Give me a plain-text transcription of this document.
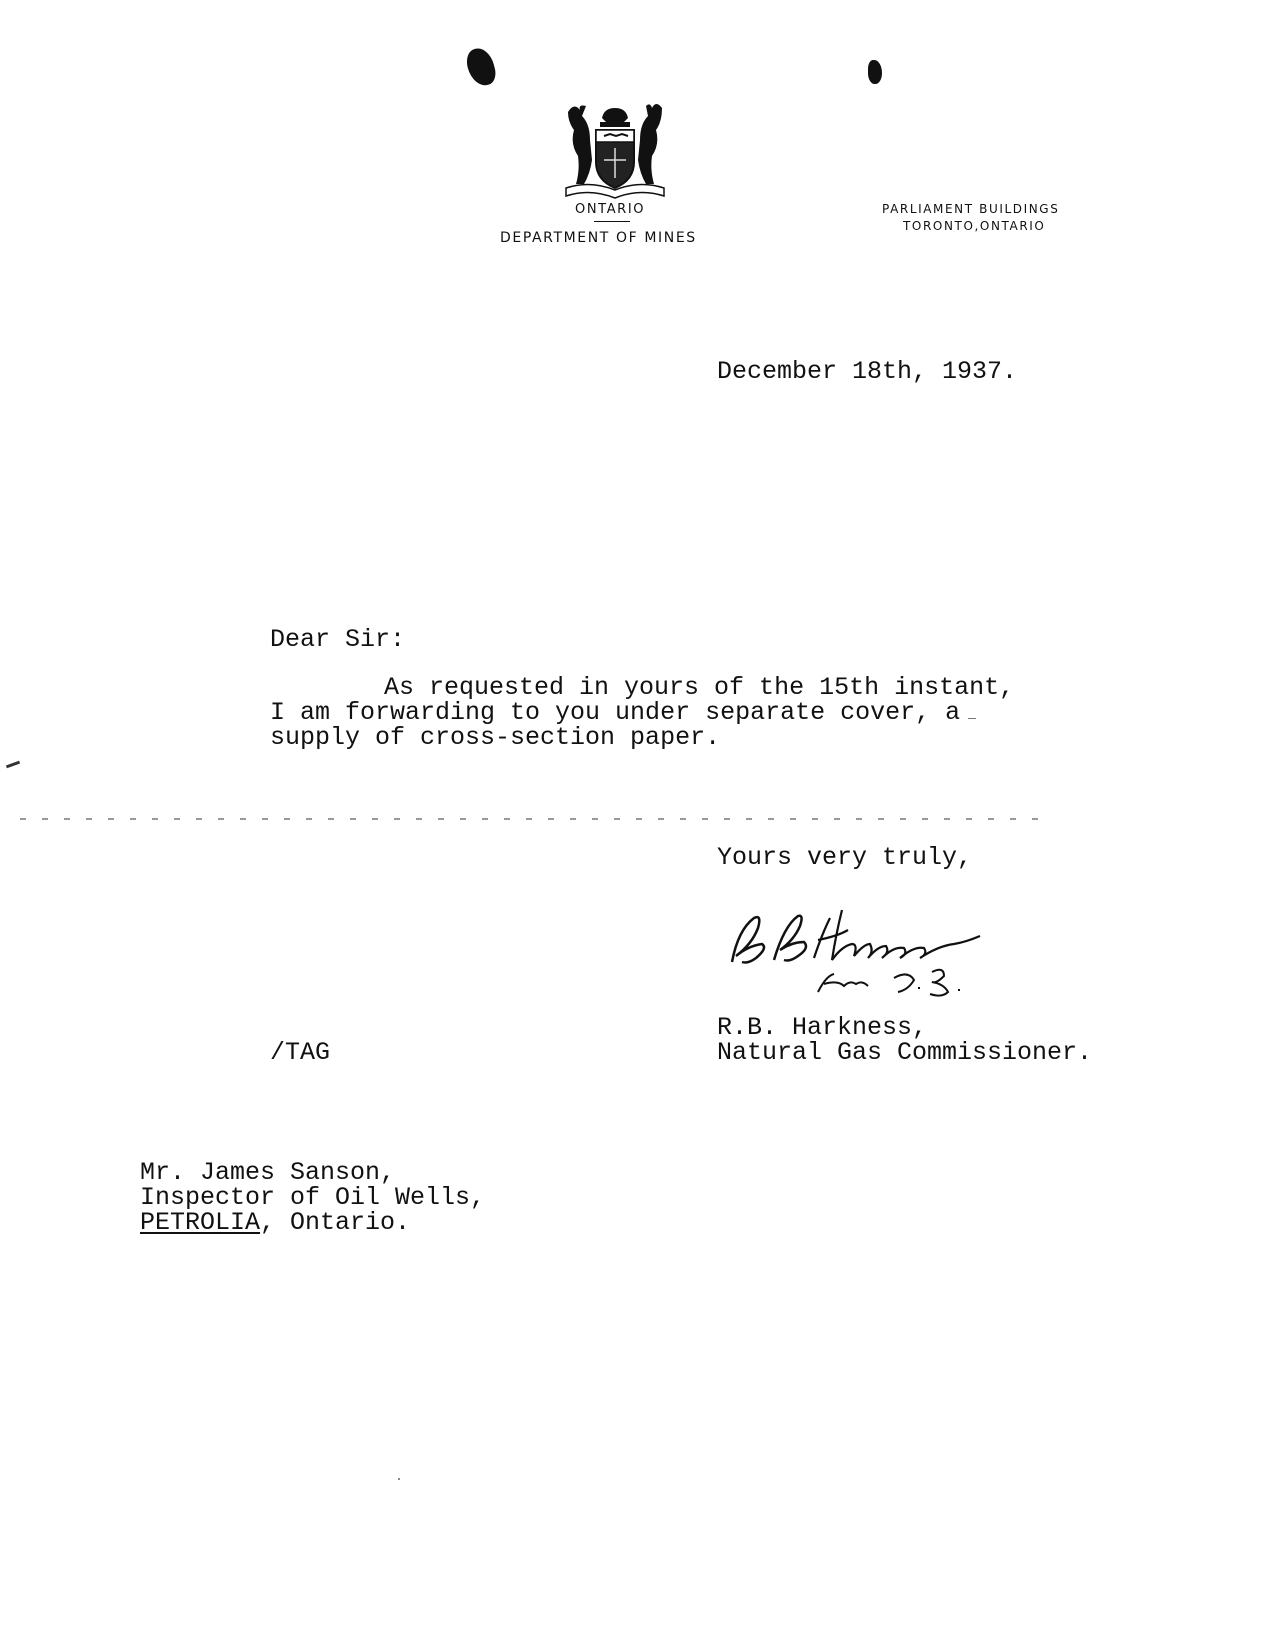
ONTARIO
DEPARTMENT OF MINES
PARLIAMENT BUILDINGS
TORONTO,ONTARIO
December 18th, 1937.
Dear Sir:
As requested in yours of the 15th instant,
I am forwarding to you under separate cover, a
supply of cross-section paper.
Yours very truly,
R.B. Harkness,
/TAG	Natural Gas Commissioner.
Mr. James Sanson,
Inspector of Oil Wells,
PETROLIA, Ontario.
